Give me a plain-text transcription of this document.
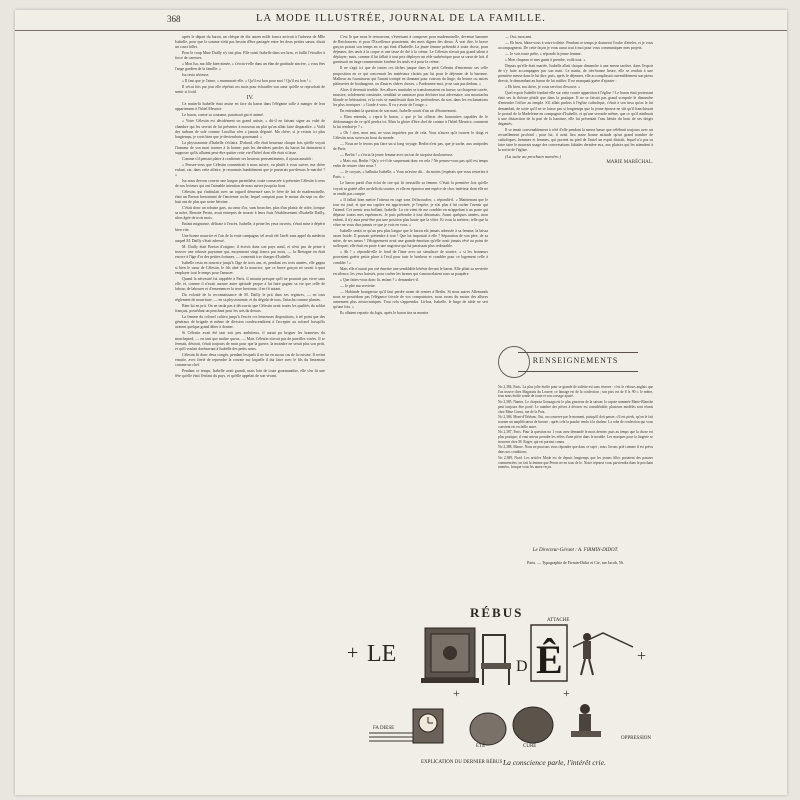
368	LA MODE ILLUSTRÉE, JOURNAL DE LA FAMILLE.

après le départ du baron, un chèque de dix autres mille francs arrivait à l'adresse de Mlle Isabelle, pour que la somme n'eût pas besoin d'être partagée entre les deux petites sœurs, disait un court billet.

Pour le coup Mme Dailly n'y tint plus. Elle saisit Isabelle dans ses bras, et faillit l'étouffer à force de caresses.

« Mon Isa, ma fille bien-aimée, » s'écria-t-elle dans un élan de gratitude sincère, « vous êtes l'ange gardien de la famille. »

Isa resta sérieuse.

« Il faut que je l'aime, » murmurait-elle. « Qu'il est bon pour moi ! Qu'il est bon ! »

Il vécut fois par jour elle répétait ces mots pour échauffer son cœur qu'elle se reprochait de sentir si froid.

IV.

Ce matin-là Isabelle était assise en face du baron dans l'élégante salle à manger de leur appartement à l'hôtel Meurice.

Le baron, contre sa coutume, paraissait gai et animé.

« Votre Célestin est décidément un grand artiste, » dit-il en faisant signe au valet de chambre qui les servait de lui présenter à nouveau un plat qu'on allait faire disparaître. « Voilà des turbans de sole comme Lucullus n'en a jamais dégusté. Ma chère, si je restais ici plus longtemps, je crois bien que je deviendrais gourmand. »

La physionomie d'Isabelle s'éclaira. D'abord, elle était heureuse chaque fois qu'elle voyait l'humeur de son mari tourner à la bonne; puis les dernières paroles du baron lui donnaient à supposer qu'ils allaient peut-être quitter cette vie d'hôtel dont elle était si lasse.

Comme s'il pensait plaire à confirmer ses heureux pressentiments, il ajouta aussitôt :

« Pensez-vous que Célestin consentirait à nous suivre, ou plutôt à vous suivre, ma chère enfant, car, dans cette affaire, je reconnais humblement que je passerais par-dessus le marché ? »

Isa nous devons couvrir une longue parenthèse, toute consacrée à présenter Célestin à ceux de nos lecteurs qui ont l'aimable intention de nous suivre jusqu'au bout.

Célestin, qui s'intitulait avec un orgueil démesuré sans le frère de lait de mademoiselle, était un Breton bretonnant de l'ancienne roche, lequel comptait pour le moins dix-sept ou dix-huit ans de plus que notre héroïne.

C'était donc un robuste gars, au cœur d'or, sans broncher, plus d'un plaisir de cidre, lorsque sa mère, Renotte Perrin, avait entrepris de nourrir à leurs frais l'établissement d'Isabelle Dailly, alors âgée de trois mois.

Enfant mignonne, délicate à l'excès, Isabelle, à peine les yeux ouverts, s'était mise à dépérir bien vite.

Une bonne nourrice et l'air de la vraie campagne, tel avait été l'arrêt sans appel du médecin auquel M. Dailly s'était adressé.

M. Dailly était Breton d'origine; il écrivit dans son pays natal, et n'eut pas de peine à trouver une robuste paysanne qui, moyennant vingt francs par mois, — la Bretagne en était encore à l'âge d'or des petites fortunes, — consentit à se charger d'Isabelle.

Isabelle resta en nourrice jusqu'à l'âge de trois ans, et, pendant ces trois années, elle gagna si bien le cœur de Célestin, le fils aîné de la nourrice, que ce brave garçon ne savait à quoi employer tout le temps pour l'amuser.

Quand la nécessité fut rappelée à Paris, il mourut presque qu'il ne pourrait pas vivre sans elle, et, comme il n'avait aucune autre aptitude propre à lui faire gagner sa vie que celle de labour, de labourer et d'ensemencer la terre bretonne, il en fit autant.

Du volonté de la reconnaissance de M. Dailly le prit dans ses registres, — en tous règlement de nourriture, — en sa physionomie, et du dégoût de tous, l'attacha comme plantes.

Bien lui en prit. On ne tarda pas à découvrir que Célestin avait toutes les qualités du soldat français, possédant un penchant pour les arts du dessus.

La femme du colonel cultiva jusqu'à l'excès ces heureuses dispositions, à tel point que des généraux de brigade et même de division condescendirent à l'accepter au colonel lorsqu'ils avaient quelque grand dîner à donner.

Si Célestin avait été tant soit peu ambitieux, il aurait pu briguer les honneurs du marchepied, — en tant que maître queux. — Mais Célestin n'avait pas de pareilles visées. Il se fermait, désirait, s'était toujours de mots pour que la guerre, la moindre ne serait plus son petit, et qu'il voulait dorénavant à Isabelle des petits soins.

Célestin fit donc deux congés, pendant lesquels il ne fut en aucun cas de la cuisine. Il revint ensuite, avec fierté de reprendre la cravate sur laquelle il dut faire avec le fils du lieutenant comme un chef.

Pendant ce temps, Isabelle avait grandi, mais loin de toute gourmandise, elle s'en fit une fête qu'elle était l'enfant du pays, et qu'elle appelait de son vivant.

C'est là que nous le retrouvons, s'évertuant à composer pour mademoiselle, devenue baronne de Reichauven, et pour l'Excellence prussienne, des mets dignes des dieux. À vrai dire, le brave garçon portait son temps en ce qui était d'Isabelle. La jeune femme prétendit à toute chose, pour déjeuner, des œufs à la coque et une tasse de thé à la crème. Le Célestin n'avait pas grand talent à déployer; mais, comme il lui fallait à tout prix déployer un zèle surhéroïque pour sa sœur de lait, il garnissait un large commentaire à même les œufs et à pour la crème.

Il ne s'agit ici que de toutes ces tâches jusque dans le petit Célestin d'entretenir ses celle proposition en ce qui concernait les matériaux choisis par lui pour le déjeuner de la baronne. Malheur au fournisseur qui l'aurait trompé en donnant pour cuisson du linge, du beurre ou autres pâtisseries de boulangerie, ou d'autres chères choses. « Pardonnez-moi, je ne suis pas dedans. »

Alors il devenait terrible. Ses allures martiales se transformaient en fureur; sa charpente carrée, massive, solidement construite, semblait se ramasser pour déchirer tout adversaire; son moustachu blonde se hérissaient, et la voix se manifestait dans les profondeurs du son, dans les exclamations les plus ironiques : « Garde à vous. Il va y avoir de l'orage. »

En entendant la question de son mari, Isabelle sourit d'un air d'étonnement.

« Bien entendu, » reprit le baron, « que je lui offrirai des honoraires capables de le dédommager de ce qu'il perdra ici. Mais la gloire d'être chef de cuisine à l'hôtel Meurice, comment la lui rendrai-je ? »

« Oh ! rien, mon ami, ne vous inquiétez pas de cela. Vous n'aurez qu'à trouver le doigt et Célestin nous suivra au bout du monde.

— Nous ne le ferons pas faire un si long voyage. Berlin n'est pas, que je sache, aux antipodes de Paris.

— Berlin ! » s'écria la jeune femme avec un ton de surprise douloureuse.

« Mais oui, Berlin ! Qu'y a-t-il de surprenant donc en cela ? Ne pensez-vous pas qu'il est temps enfin de rentrer chez nous ?

— Je croyais, » balbutia Isabelle, « Vous m'aviez dit... du moins j'espérais que vous resteriez à Paris. »

Le baron partit d'un éclat de rire qui fit tressaillir sa femme. C'était la première fois qu'elle voyait sa gaieté aller au-delà du sourire, et elle en éprouva une espèce de choc intérieur dont elle ne se rendit pas compte.

« Il fallait bien mettre l'oiseau en cage sans l'effaroucher, » répondit-il. « Maintenant que le tour est joué, et que ma captive est apprivoisée, je l'espère, je n'ai plus à lui cacher l'avenir qui l'attend. Cet avenir sera brillant, Isabelle. La vie vient de me combler en m'appelant à un poste qui dépasse toutes mes espérances. Je puis prétendre à tout désormais. Avant quelques années, mon enfant, il n'y aura peut-être pas une position plus haute que la vôtre. Et vous la méritez; telle que la vôtre ne vous dira jamais ce que je vois en vous. »

Isabelle sentit ce qu'un peu plus longue que le baron eût jamais adressée à sa femme, la laissa assez froide. Il pouvait prétendre à tout ! Que lui importait à elle ? Séparation de son père, de sa mère, de ses sœurs ! l'éloignement avait une grande émotion qu'elle avait jamais rêvé au point de suffoquer; elle était en proie à une angoisse qui lui paraissait plus redoutable.

« Ah ! » répondit-elle le fond de l'âme avec un simulacre de sourire, « si les honneurs pouvaient guérir petite place à l'exil pour tarir le bonheur et combler pour ce logement celle à combler ! »

Mais elle n'aurait pas osé émettre une semblable hérésie devant le baron. Elle pliait sa serviette en silence, les yeux baissés, pour cacher les larmes qui s'amoncelaient sous sa paupière.

« Que faites-vous donc là, enfant ? » demanda-t-il.

— Je plie ma serviette.

— Habitude bourgeoise qu'il faut perdre avant de rentrer à Berlin. Si nous autres Allemands nous ne possédons pas l'élégance frivole de vos compatriotes, nous avons du moins des allures autrement plus aristocratiques. Tout cela s'apprendra. Là-bas, Isabelle, le linge de table ne sert qu'une fois. »

Ils allaient repartir du logis, après le baron tira sa montre.

— Oui, mon ami.

— Eh bien, hâtez-vous à votre toilette. Pendant ce temps je donnerai l'ordre d'atteler, et je vous accompagnerai. De cette façon je vous aurai tout à moi pour vous communiquer mes projets.

— Je vais toute prête, » répondit la jeune femme.

« Mon chapeau et mes gants à prendre, voilà tout. »

Depuis qu'elle était mariée, Isabelle allait chaque dimanche à une messe tardive, dans l'espoir de s'y faire accompagner par son mari. Le matin, de très-bonne heure, elle se rendait à une première messe dans le lui dire, puis, après le déjeuner, elle accomplissait ostensiblement son pieux devoir, le demandant au baron de lui ratifier. Il ne manquait guère d'ajouter :

« Eh bien, ma chère, je vous servirai d'escorte. »

Quel espoir Isabelle fondait-elle sur cette courte apparition à l'église ? Le baron était protestant était ses la théorie plutôt que dans la pratique. Il ne se faisait pas grand scrupule le dimanche d'entendre l'office au temple. S'il allait parfois à l'église catholique, c'était à son insu qu'on le lui demandait, de sorte qu'il ne se laisse pas si longtemps que la jeune épouse ne sût qu'il franchissait le portail de la Madeleine en compagnie d'Isabelle, et qu'une seconde même, que ce qu'il attribuait à une distraction de la part de la baronne, elle lui présentait l'eau bénite du bout de ses doigts dégantés.

Il se tenait convenablement à côté d'elle pendant la messe basse que célébrait toujours avec un recueillement profond ; pour lui, il avait lieu assez bonne attitude qu'un grand nombre de catholiques, hommes et femmes, qui portent au pied de l'autel un esprit distrait, lequel n'a pas su faire taire le mauvais usage des conversations labiales dernière eux, aux plaisirs qui les attendent à la sortie de l'église.

(La suite au prochain numéro.)

MARIE MARÉCHAL.

RENSEIGNEMENTS

No 2,384, Paris. La plus jolie étoffe pour se grande de toilette est sans réserve : c'est le velours anglais que l'on trouve chez Magasins du Louvre; ce lainage est de la confection ; son prix est de 8 fr. 90 c. le mètre, tous nous étoffe ronde de toute et son corsage ajusté.

No 2,385, Nantes. Le chapeau Gonzaga est le plus gracieux de la saison; la capote nommée Marie-Blanche peut toujours être porté. Le nombre des pièces à décorer est considérable; plusieurs modèles sont réunis chez Mme Cornu, rue de la Paix.

No 2,386, Mont-d'Orléans. Oui, on conserve par le moment, puisqu'il doit passer, s'il est pieds, qu'on le fait tourner un amplificateur de bronze ; après cela la poudre rendu à la chaleur. La robe de confection qui vous convient est en faille noire.

No 2,387, Paris. Pour la question no 1 vous avez demandé le mois dernier, puis au temps que la chose est plus pratique; il vaut mieux prendre les effets d'une pièce dans le meuble. Les marques pour la lingerie se trouvent chez M. Roger, qui est partout connu.

No 2,388, Marne. Nous ne pouvons vous répondre que dans ce sujet ; nous l'avons prié comme il est prévu dans nos conditions.

No 2,389, Nord. Les articles Mode est de depuis longtemps que les jeunes filles portaient des parures commencées; on fait la femme que Perrin ne en tous de le. Notre réponse vous parviendra dans le prochain numéro, lorsque vous les aurez reçus.

Le Directeur-Gérant : A. FIRMIN-DIDOT.
Paris. — Typographie de Firmin-Didot et Cie, rue Jacob, 56.
RÉBUS
+ LE	D Ê
ATTACHE
+
FA DIESE
ÉTÉ	CURE
OPPRESSION
+	+
EXPLICATION DU DERNIER RÉBUS :
La conscience parle, l'intérêt crie.
